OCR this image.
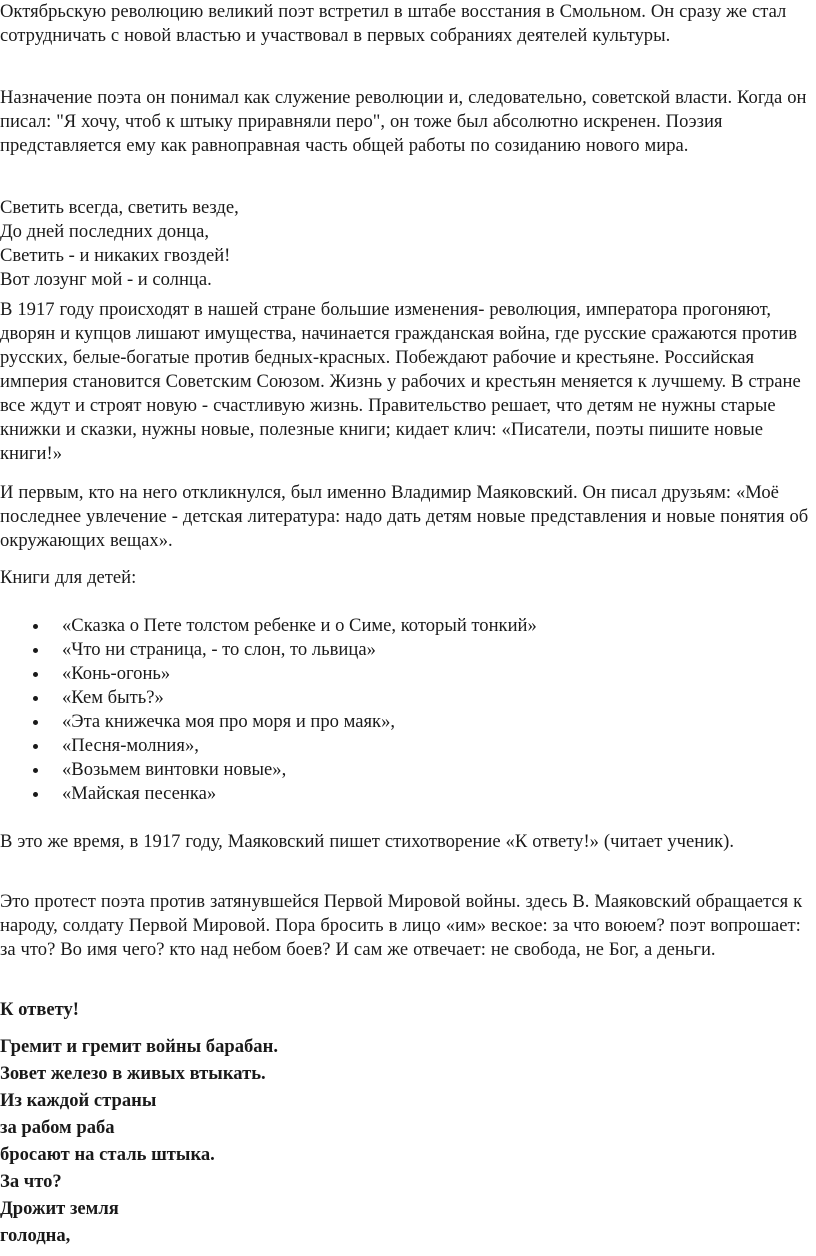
Октябрьскую революцию великий поэт встретил в штабе восстания в Смольном. Он сразу же стал сотрудничать с новой властью и участвовал в первых собраниях деятелей культуры.

Назначение поэта он понимал как служение революции и, следовательно, советской власти. Когда он писал: "Я хочу, чтоб к штыку приравняли перо", он тоже был абсолютно искренен. Поэзия представляется ему как равноправная часть общей работы по созиданию нового мира.

Светить всегда, светить везде,
До дней последних донца,
Светить - и никаких гвоздей!
Вот лозунг мой - и солнца.

В 1917 году происходят в нашей стране большие изменения- революция, императора прогоняют, дворян и купцов лишают имущества, начинается гражданская война, где русские сражаются против русских, белые-богатые против бедных-красных. Побеждают рабочие и крестьяне. Российская империя становится Советским Союзом. Жизнь у рабочих и крестьян меняется к лучшему. В стране все ждут и строят новую - счастливую жизнь. Правительство решает, что детям не нужны старые книжки и сказки, нужны новые, полезные книги; кидает клич: «Писатели, поэты пишите новые книги!»

И первым, кто на него откликнулся, был именно Владимир Маяковский. Он писал друзьям: «Моё последнее увлечение - детская литература: надо дать детям новые представления и новые понятия об окружающих вещах».

Книги для детей:

«Сказка о Пете толстом ребенке и о Симе, который тонкий»
«Что ни страница, - то слон, то львица»
«Конь-огонь»
«Кем быть?»
«Эта книжечка моя про моря и про маяк»,
«Песня-молния»,
«Возьмем винтовки новые»,
«Майская песенка»

В это же время, в 1917 году, Маяковский пишет стихотворение «К ответу!» (читает ученик).

Это протест поэта против затянувшейся Первой Мировой войны. здесь В. Маяковский обращается к народу, солдату Первой Мировой. Пора бросить в лицо «им» веское: за что воюем? поэт вопрошает: за что? Во имя чего? кто над небом боев? И сам же отвечает: не свобода, не Бог, а деньги.

К ответу!

Гремит и гремит войны барабан.
Зовет железо в живых втыкать.
Из каждой страны
за рабом раба
бросают на сталь штыка.
За что?
Дрожит земля
голодна,
